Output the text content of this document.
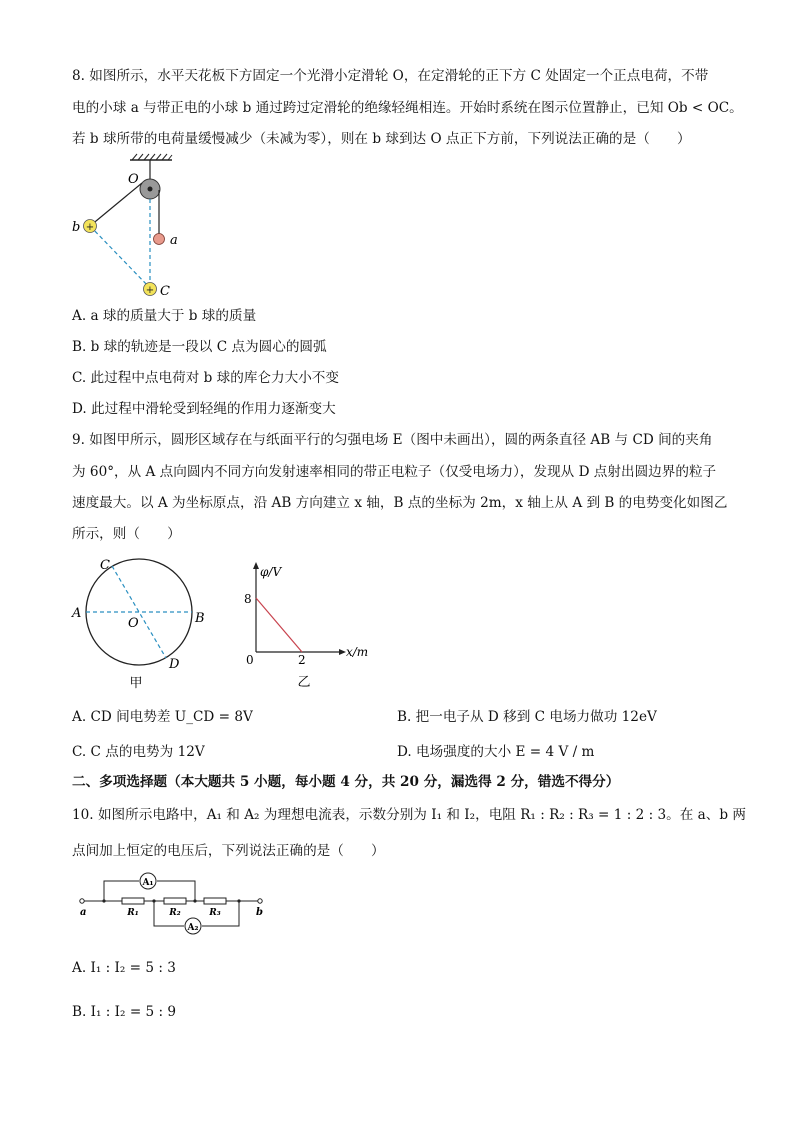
8. 如图所示，水平天花板下方固定一个光滑小定滑轮 O，在定滑轮的正下方 C 处固定一个正点电荷，不带
电的小球 a 与带正电的小球 b 通过跨过定滑轮的绝缘轻绳相连。开始时系统在图示位置静止，已知 Ob < OC。
若 b 球所带的电荷量缓慢减少（未减为零），则在 b 球到达 O 点正下方前，下列说法正确的是（　　）
+
+
O
b
a
C
A. a 球的质量大于 b 球的质量
B. b 球的轨迹是一段以 C 点为圆心的圆弧
C. 此过程中点电荷对 b 球的库仑力大小不变
D. 此过程中滑轮受到轻绳的作用力逐渐变大
9. 如图甲所示，圆形区域存在与纸面平行的匀强电场 E（图中未画出），圆的两条直径 AB 与 CD 间的夹角
为 60°，从 A 点向圆内不同方向发射速率相同的带正电粒子（仅受电场力），发现从 D 点射出圆边界的粒子
速度最大。以 A 为坐标原点，沿 AB 方向建立 x 轴，B 点的坐标为 2m，x 轴上从 A 到 B 的电势变化如图乙
所示，则（　　）
C
A	B
O
D
甲
φ/V
x/m
8
2
0
乙
A. CD 间电势差 U_CD = 8V	B. 把一电子从 D 移到 C 电场力做功 12eV
C. C 点的电势为 12V	D. 电场强度的大小 E = 4 V / m
二、多项选择题（本大题共 5 小题，每小题 4 分，共 20 分，漏选得 2 分，错选不得分）
10. 如图所示电路中，A₁ 和 A₂ 为理想电流表，示数分别为 I₁ 和 I₂，电阻 R₁ : R₂ : R₃ = 1 : 2 : 3。在 a、b 两
点间加上恒定的电压后，下列说法正确的是（　　）
A₁
A₂
R₁	R₂	R₃
a	b
A. I₁ : I₂ = 5 : 3
B. I₁ : I₂ = 5 : 9
